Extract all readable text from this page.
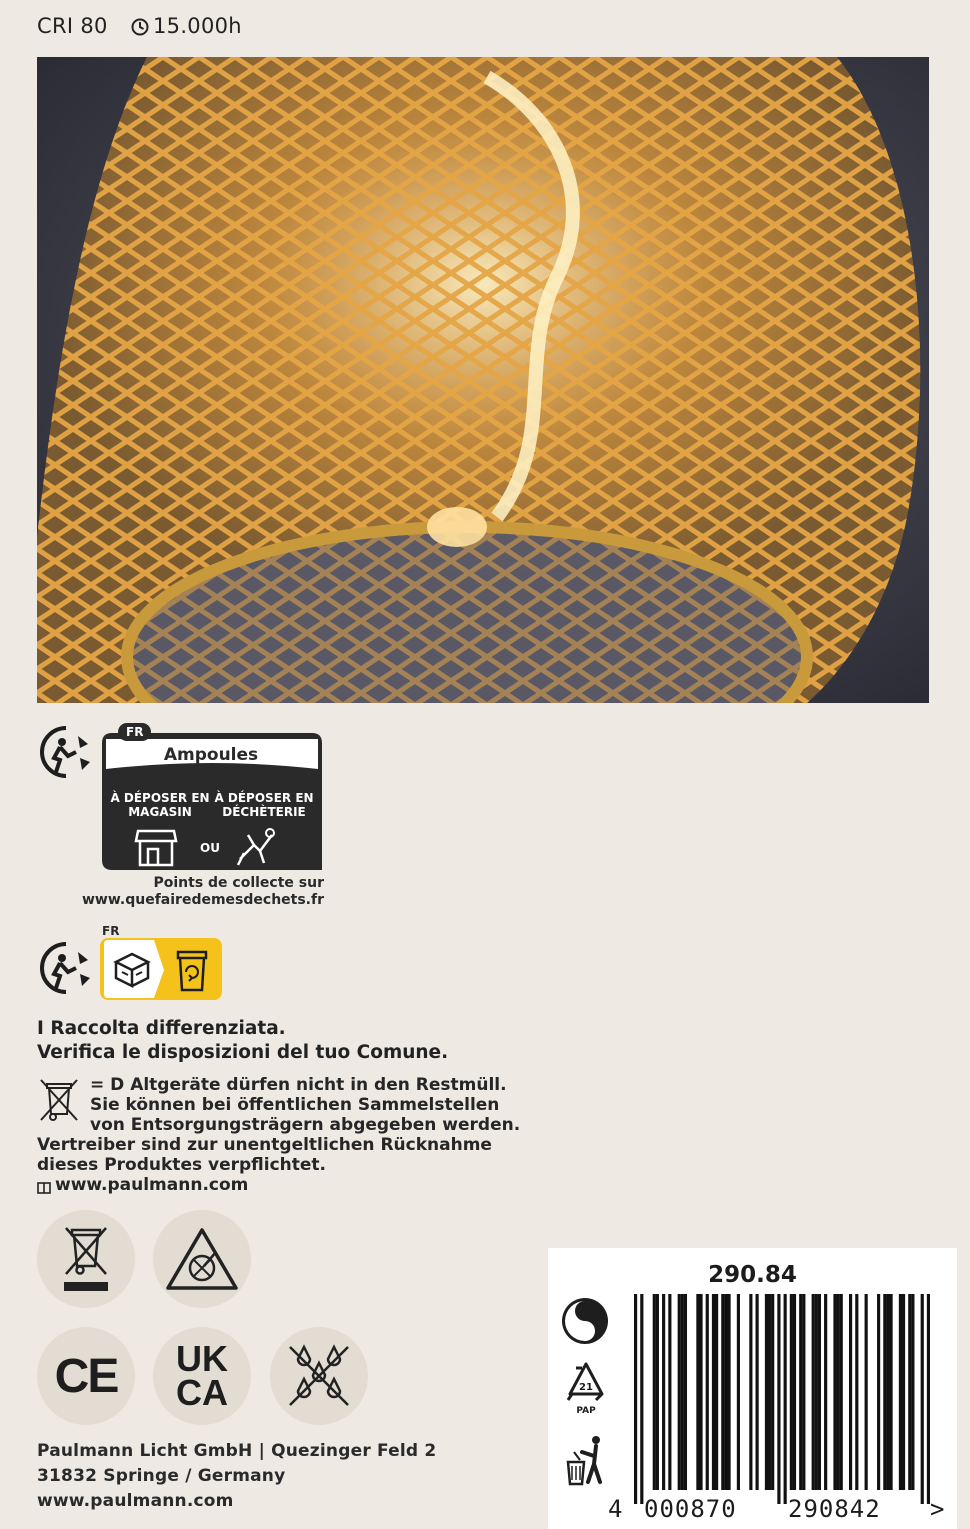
CRI 80 15.000h
FR
Ampoules
À DÉPOSER EN MAGASIN
À DÉPOSER EN DÉCHÈTERIE
OU
Points de collecte sur
www.quefairedemesdechets.fr
FR
I Raccolta differenziata.
Verifica le disposizioni del tuo Comune.
= D Altgeräte dürfen nicht in den Restmüll.
Sie können bei öffentlichen Sammelstellen
von Entsorgungsträgern abgegeben werden.
Vertreiber sind zur unentgeltlichen Rücknahme
dieses Produktes verpflichtet.
www.paulmann.com
CE UK
CA
Paulmann Licht GmbH | Quezinger Feld 2
31832 Springe / Germany
www.paulmann.com
290.84
21
PAP
4 000870 290842 >
